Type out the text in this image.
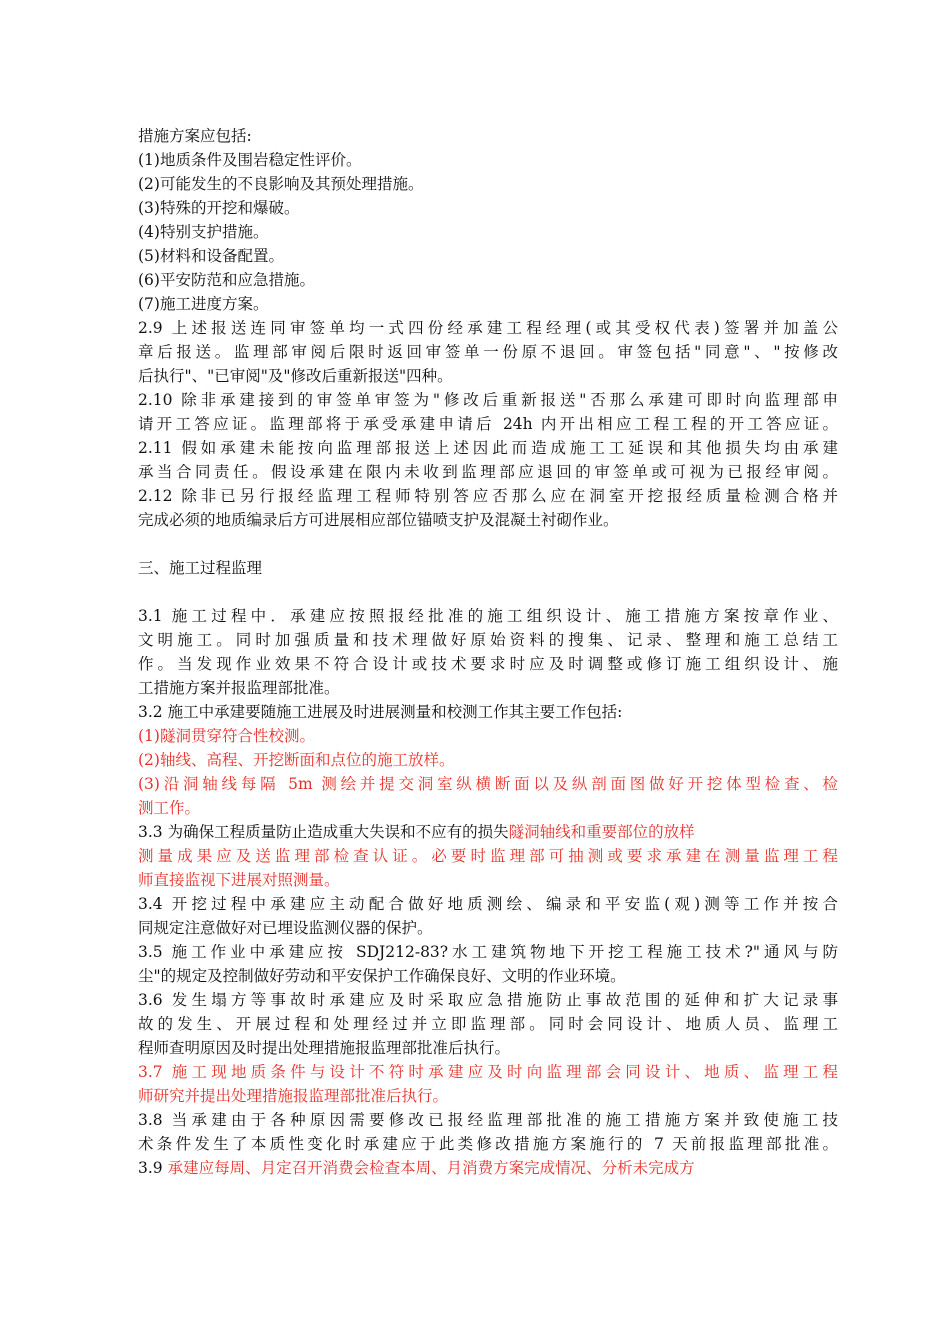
措施方案应包括:
(1)地质条件及围岩稳定性评价。
(2)可能发生的不良影响及其预处理措施。
(3)特殊的开挖和爆破。
(4)特别支护措施。
(5)材料和设备配置。
(6)平安防范和应急措施。
(7)施工进度方案。
2.9 上述报送连同审签单均一式四份经承建工程经理(或其受权代表)签署并加盖公
章后报送。监理部审阅后限时返回审签单一份原不退回。审签包括"同意"、"按修改
后执行"、"已审阅"及"修改后重新报送"四种。
2.10 除非承建接到的审签单审签为"修改后重新报送"否那么承建可即时向监理部申
请开工答应证。监理部将于承受承建申请后 24h 内开出相应工程工程的开工答应证。
2.11 假如承建未能按向监理部报送上述因此而造成施工工延误和其他损失均由承建
承当合同责任。假设承建在限内未收到监理部应退回的审签单或可视为已报经审阅。
2.12 除非已另行报经监理工程师特别答应否那么应在洞室开挖报经质量检测合格并
完成必须的地质编录后方可进展相应部位锚喷支护及混凝土衬砌作业。
三、施工过程监理
3.1 施工过程中．承建应按照报经批准的施工组织设计、施工措施方案按章作业、
文明施工。同时加强质量和技术理做好原始资料的搜集、记录、整理和施工总结工
作。当发现作业效果不符合设计或技术要求时应及时调整或修订施工组织设计、施
工措施方案并报监理部批准。
3.2 施工中承建要随施工进展及时进展测量和校测工作其主要工作包括:
(1)隧洞贯穿符合性校测。
(2)轴线、高程、开挖断面和点位的施工放样。
(3)沿洞轴线每隔 5m 测绘并提交洞室纵横断面以及纵剖面图做好开挖体型检查、检
测工作。
3.3 为确保工程质量防止造成重大失误和不应有的损失隧洞轴线和重要部位的放样
测量成果应及送监理部检查认证。必要时监理部可抽测或要求承建在测量监理工程
师直接监视下进展对照测量。
3.4 开挖过程中承建应主动配合做好地质测绘、编录和平安监(观)测等工作并按合
同规定注意做好对已埋设监测仪器的保护。
3.5 施工作业中承建应按 SDJ212-83?水工建筑物地下开挖工程施工技术?"通风与防
尘"的规定及控制做好劳动和平安保护工作确保良好、文明的作业环境。
3.6 发生塌方等事故时承建应及时采取应急措施防止事故范围的延伸和扩大记录事
故的发生、开展过程和处理经过并立即监理部。同时会同设计、地质人员、监理工
程师查明原因及时提出处理措施报监理部批准后执行。
3.7 施工现地质条件与设计不符时承建应及时向监理部会同设计、地质、监理工程
师研究并提出处理措施报监理部批准后执行。
3.8 当承建由于各种原因需要修改已报经监理部批准的施工措施方案并致使施工技
术条件发生了本质性变化时承建应于此类修改措施方案施行的 7 天前报监理部批准。
3.9 承建应每周、月定召开消费会检查本周、月消费方案完成情况、分析未完成方
